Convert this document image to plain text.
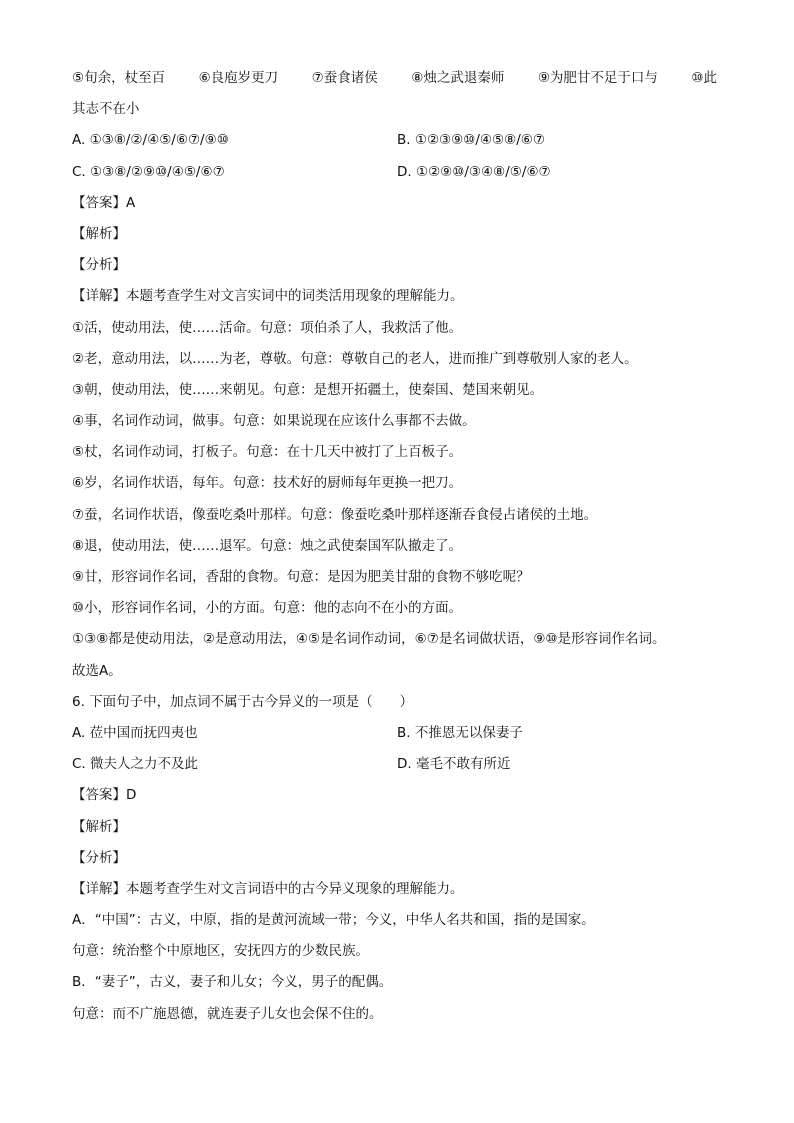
⑤旬余，杖至百 ⑥良庖岁更刀 ⑦蚕食诸侯 ⑧烛之武退秦师 ⑨为肥甘不足于口与 ⑩此
其志不在小
A. ①③⑧/②/④⑤/⑥⑦/⑨⑩	B. ①②③⑨⑩/④⑤⑧/⑥⑦
C. ①③⑧/②⑨⑩/④⑤/⑥⑦	D. ①②⑨⑩/③④⑧/⑤/⑥⑦
【答案】A
【解析】
【分析】
【详解】本题考查学生对文言实词中的词类活用现象的理解能力。
①活，使动用法，使……活命。句意：项伯杀了人，我救活了他。
②老，意动用法，以……为老，尊敬。句意：尊敬自己的老人，进而推广到尊敬别人家的老人。
③朝，使动用法，使……来朝见。句意：是想开拓疆土，使秦国、楚国来朝见。
④事，名词作动词，做事。句意：如果说现在应该什么事都不去做。
⑤杖，名词作动词，打板子。句意：在十几天中被打了上百板子。
⑥岁，名词作状语，每年。句意：技术好的厨师每年更换一把刀。
⑦蚕，名词作状语，像蚕吃桑叶那样。句意：像蚕吃桑叶那样逐渐吞食侵占诸侯的土地。
⑧退，使动用法，使……退军。句意：烛之武使秦国军队撤走了。
⑨甘，形容词作名词，香甜的食物。句意：是因为肥美甘甜的食物不够吃呢？
⑩小，形容词作名词，小的方面。句意：他的志向不在小的方面。
①③⑧都是使动用法，②是意动用法，④⑤是名词作动词，⑥⑦是名词做状语，⑨⑩是形容词作名词。
故选A。
6. 下面句子中，加点词不属于古今异义的一项是（　　）
A. 莅中国而抚四夷也	B. 不推恩无以保妻子
C. 微夫人之力不及此	D. 毫毛不敢有所近
【答案】D
【解析】
【分析】
【详解】本题考查学生对文言词语中的古今异义现象的理解能力。
A．“中国”：古义，中原，指的是黄河流域一带；今义，中华人名共和国，指的是国家。
句意：统治整个中原地区，安抚四方的少数民族。
B．“妻子”，古义，妻子和儿女；今义，男子的配偶。
句意：而不广施恩德，就连妻子儿女也会保不住的。
